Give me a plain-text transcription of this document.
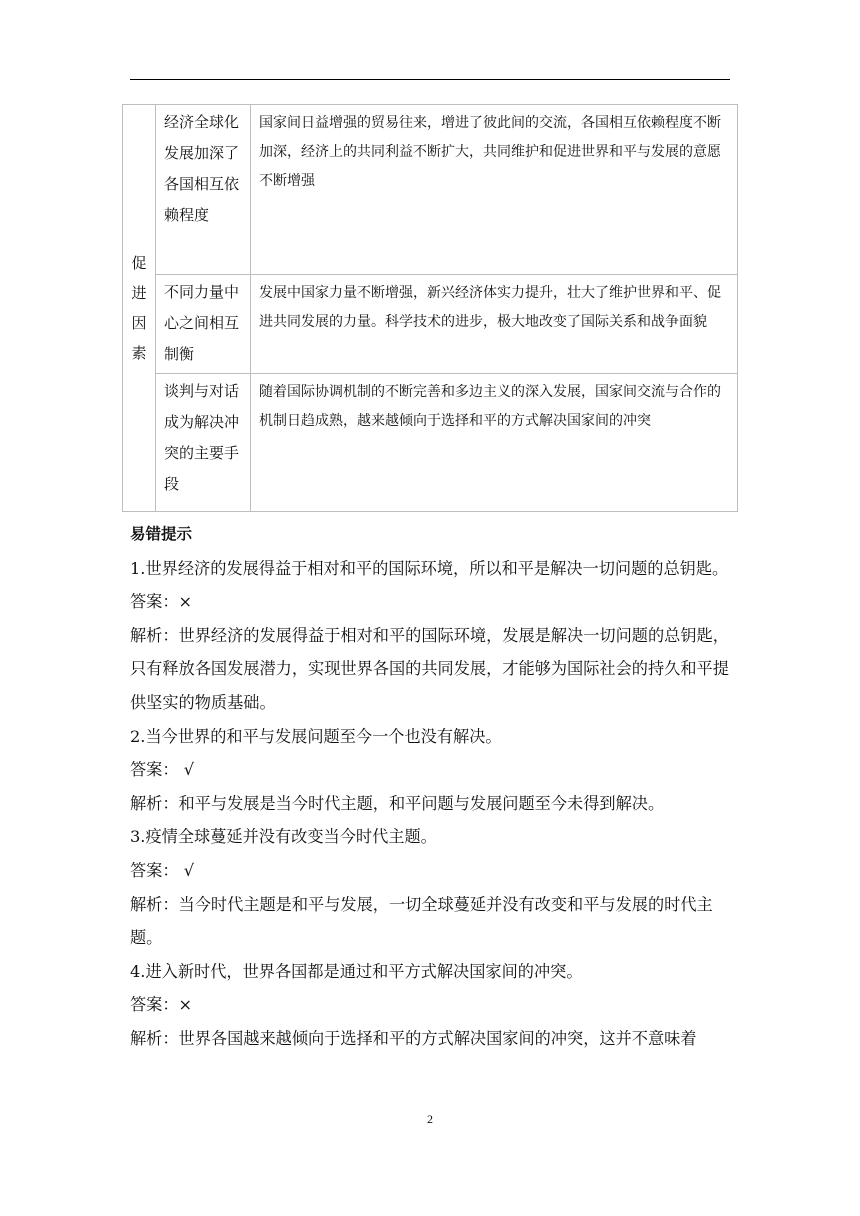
促进因素	经济全球化发展加深了各国相互依赖程度	国家间日益增强的贸易往来，增进了彼此间的交流，各国相互依赖程度不断加深，经济上的共同利益不断扩大，共同维护和促进世界和平与发展的意愿不断增强
	不同力量中心之间相互制衡	发展中国家力量不断增强，新兴经济体实力提升，壮大了维护世界和平、促进共同发展的力量。科学技术的进步，极大地改变了国际关系和战争面貌
	谈判与对话成为解决冲突的主要手段	随着国际协调机制的不断完善和多边主义的深入发展，国家间交流与合作的机制日趋成熟，越来越倾向于选择和平的方式解决国家间的冲突

易错提示

1.世界经济的发展得益于相对和平的国际环境，所以和平是解决一切问题的总钥匙。

答案：×

解析：世界经济的发展得益于相对和平的国际环境，发展是解决一切问题的总钥匙，只有释放各国发展潜力，实现世界各国的共同发展，才能够为国际社会的持久和平提供坚实的物质基础。

2.当今世界的和平与发展问题至今一个也没有解决。

答案： √

解析：和平与发展是当今时代主题，和平问题与发展问题至今未得到解决。

3.疫情全球蔓延并没有改变当今时代主题。

答案： √

解析：当今时代主题是和平与发展，一切全球蔓延并没有改变和平与发展的时代主题。

4.进入新时代，世界各国都是通过和平方式解决国家间的冲突。

答案：×

解析：世界各国越来越倾向于选择和平的方式解决国家间的冲突，这并不意味着

2
